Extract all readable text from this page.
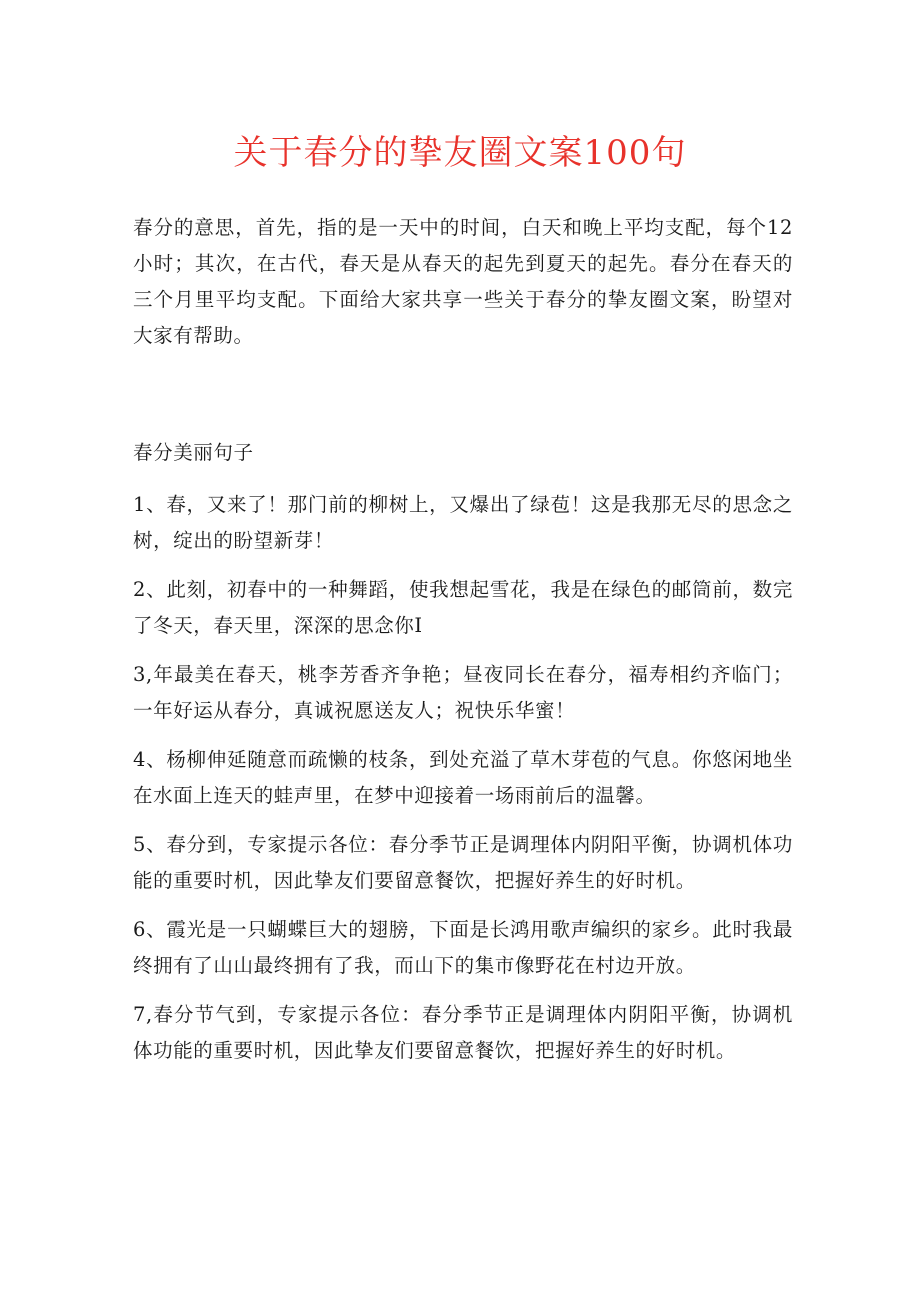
关于春分的挚友圈文案100句

春分的意思，首先，指的是一天中的时间，白天和晚上平均支配，每个12小时；其次，在古代，春天是从春天的起先到夏天的起先。春分在春天的三个月里平均支配。下面给大家共享一些关于春分的挚友圈文案，盼望对大家有帮助。

春分美丽句子

1、春，又来了！那门前的柳树上，又爆出了绿苞！这是我那无尽的思念之树，绽出的盼望新芽！

2、此刻，初春中的一种舞蹈，使我想起雪花，我是在绿色的邮筒前，数完了冬天，春天里，深深的思念你I

3,年最美在春天，桃李芳香齐争艳；昼夜同长在春分，福寿相约齐临门；一年好运从春分，真诚祝愿送友人；祝快乐华蜜！

4、杨柳伸延随意而疏懒的枝条，到处充溢了草木芽苞的气息。你悠闲地坐在水面上连天的蛙声里，在梦中迎接着一场雨前后的温馨。

5、春分到，专家提示各位：春分季节正是调理体内阴阳平衡，协调机体功能的重要时机，因此挚友们要留意餐饮，把握好养生的好时机。

6、霞光是一只蝴蝶巨大的翅膀，下面是长鸿用歌声编织的家乡。此时我最终拥有了山山最终拥有了我，而山下的集市像野花在村边开放。

7,春分节气到，专家提示各位：春分季节正是调理体内阴阳平衡，协调机体功能的重要时机，因此挚友们要留意餐饮，把握好养生的好时机。
